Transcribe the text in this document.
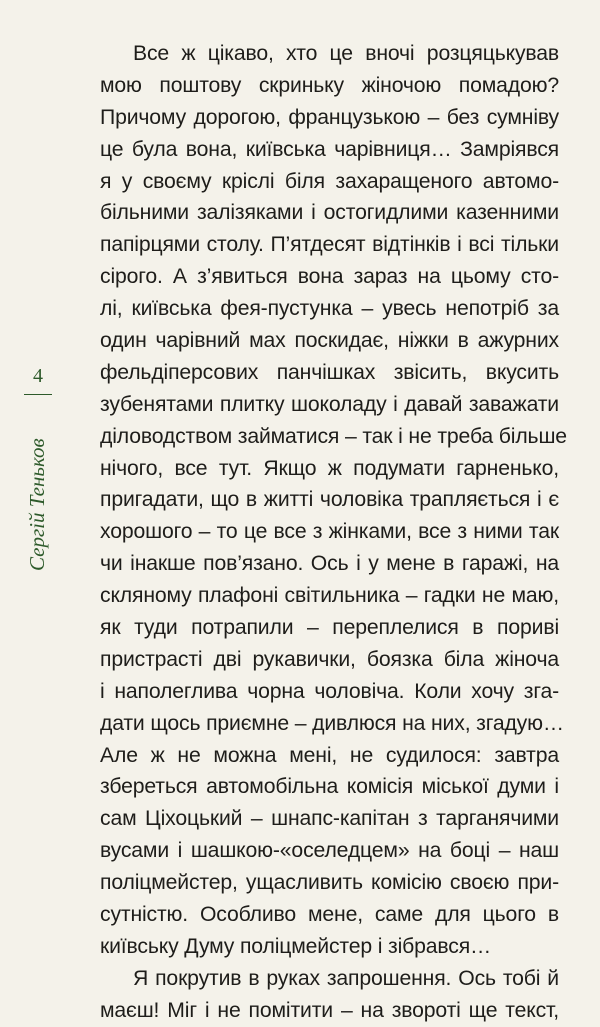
4
Сергій Теньков
Все ж цікаво, хто це вночі розцяцькував
мою поштову скриньку жіночою помадою?
Причому дорогою, французькою – без сумніву
це була вона, київська чарівниця… Замріявся
я у своєму кріслі біля захаращеного автомо-
більними залізяками і остогидлими казенними
папірцями столу. П’ятдесят відтінків і всі тільки
сірого. А з’явиться вона зараз на цьому сто-
лі, київська фея-пустунка – увесь непотріб за
один чарівний мах поскидає, ніжки в ажурних
фельдіперсових панчішках звісить, вкусить
зубенятами плитку шоколаду і давай заважати
діловодством займатися – так і не треба більше
нічого, все тут. Якщо ж подумати гарненько,
пригадати, що в житті чоловіка трапляється і є
хорошого – то це все з жінками, все з ними так
чи інакше пов’язано. Ось і у мене в гаражі, на
скляному плафоні світильника – гадки не маю,
як туди потрапили – переплелися в пориві
пристрасті дві рукавички, боязка біла жіноча
і наполеглива чорна чоловіча. Коли хочу зга-
дати щось приємне – дивлюся на них, згадую…
Але ж не можна мені, не судилося: завтра
збереться автомобільна комісія міської думи і
сам Ціхоцький – шнапс-капітан з тарганячими
вусами і шашкою-«оселедцем» на боці – наш
поліцмейстер, ущасливить комісію своєю при-
сутністю. Особливо мене, саме для цього в
київську Думу поліцмейстер і зібрався…
Я покрутив в руках запрошення. Ось тобі й
маєш! Міг і не помітити – на звороті ще текст,
